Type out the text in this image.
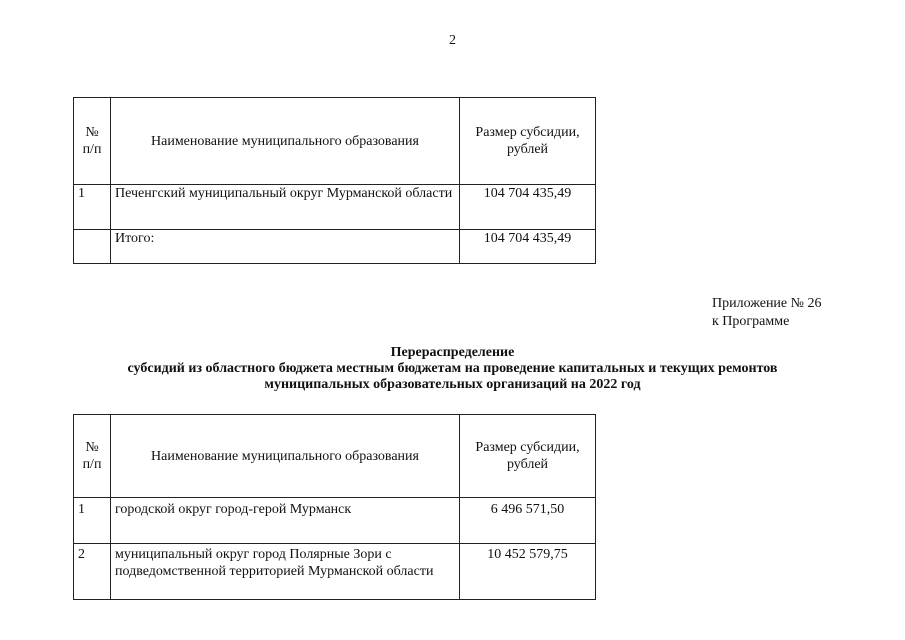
2
№
п/п	Наименование муниципального образования	Размер субсидии,
рублей
1	Печенгский муниципальный округ Мурманской области	104 704 435,49
	Итого:	104 704 435,49
Приложение № 26
к Программе
Перераспределение
субсидий из областного бюджета местным бюджетам на проведение капитальных и текущих ремонтов
муниципальных образовательных организаций на 2022 год
№
п/п	Наименование муниципального образования	Размер субсидии,
рублей
1	городской округ город-герой Мурманск	6 496 571,50
2	муниципальный округ город Полярные Зори с подведомственной территорией Мурманской области	10 452 579,75
